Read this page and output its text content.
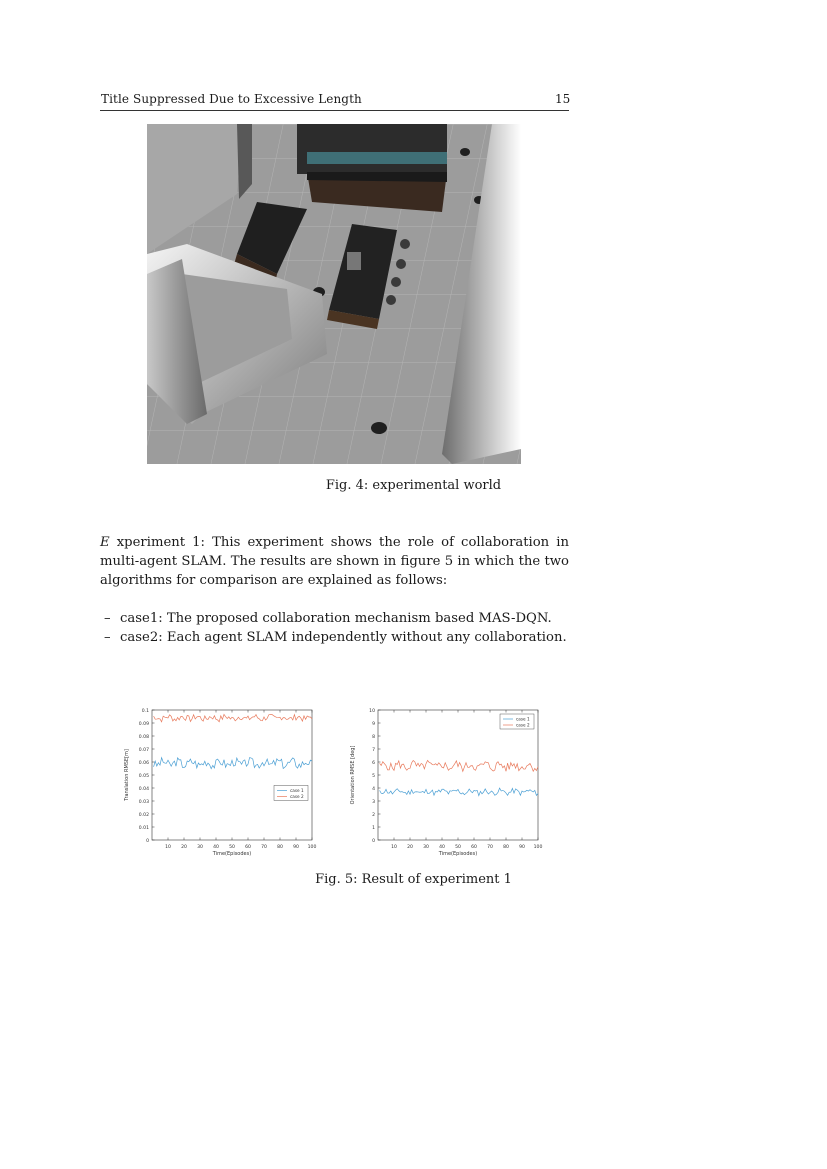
Title Suppressed Due to Excessive Length	15
Fig. 4: experimental world
E xperiment 1: This experiment shows the role of collaboration in multi-agent SLAM. The results are shown in figure 5 in which the two algorithms for comparison are explained as follows:
– case1: The proposed collaboration mechanism based MAS-DQN.
– case2: Each agent SLAM independently without any collaboration.
0
0.01
0.02
0.03
0.04
0.05
0.06
0.07
0.08
0.09
0.1
10 20 30 40 50 60 70 80 90 100
Time(Episodes)
Translation RMSE[m]	case 1
case 2
0
1
2
3
4
5
6
7
8
9
10
10 20 30 40 50 60 70 80 90 100
Time(Episodes)
Orientation RMSE [deg]
case 1
case 2
Fig. 5: Result of experiment 1
